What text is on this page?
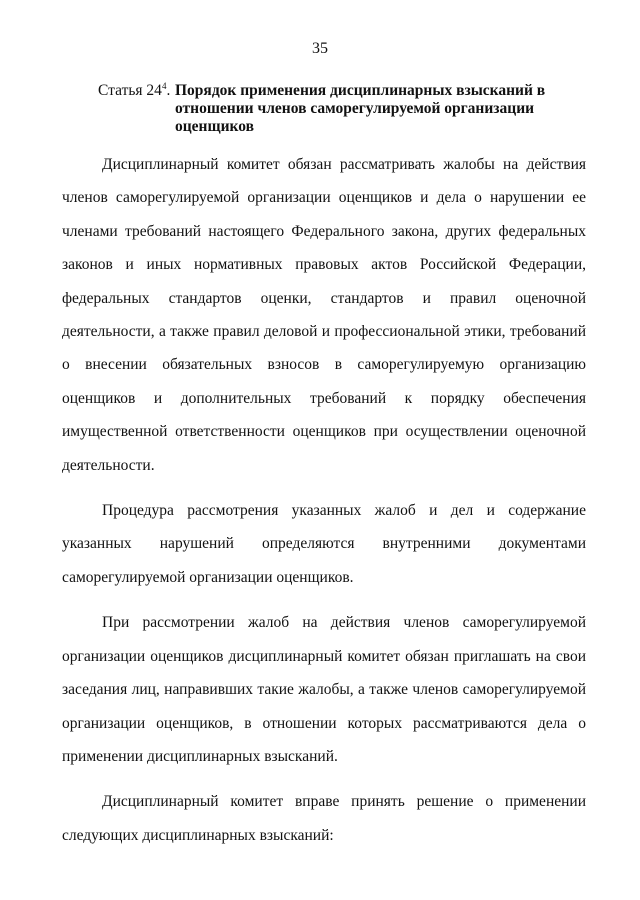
35
Статья $24^4$. Порядок применения дисциплинарных взысканий в отношении членов саморегулируемой организации оценщиков

Дисциплинарный комитет обязан рассматривать жалобы на действия членов саморегулируемой организации оценщиков и дела о нарушении ее членами требований настоящего Федерального закона, других федеральных законов и иных нормативных правовых актов Российской Федерации, федеральных стандартов оценки, стандартов и правил оценочной деятельности, а также правил деловой и профессиональной этики, требований о внесении обязательных взносов в саморегулируемую организацию оценщиков и дополнительных требований к порядку обеспечения имущественной ответственности оценщиков при осуществлении оценочной деятельности.

Процедура рассмотрения указанных жалоб и дел и содержание указанных нарушений определяются внутренними документами саморегулируемой организации оценщиков.

При рассмотрении жалоб на действия членов саморегулируемой организации оценщиков дисциплинарный комитет обязан приглашать на свои заседания лиц, направивших такие жалобы, а также членов саморегулируемой организации оценщиков, в отношении которых рассматриваются дела о применении дисциплинарных взысканий.

Дисциплинарный комитет вправе принять решение о применении следующих дисциплинарных взысканий:
